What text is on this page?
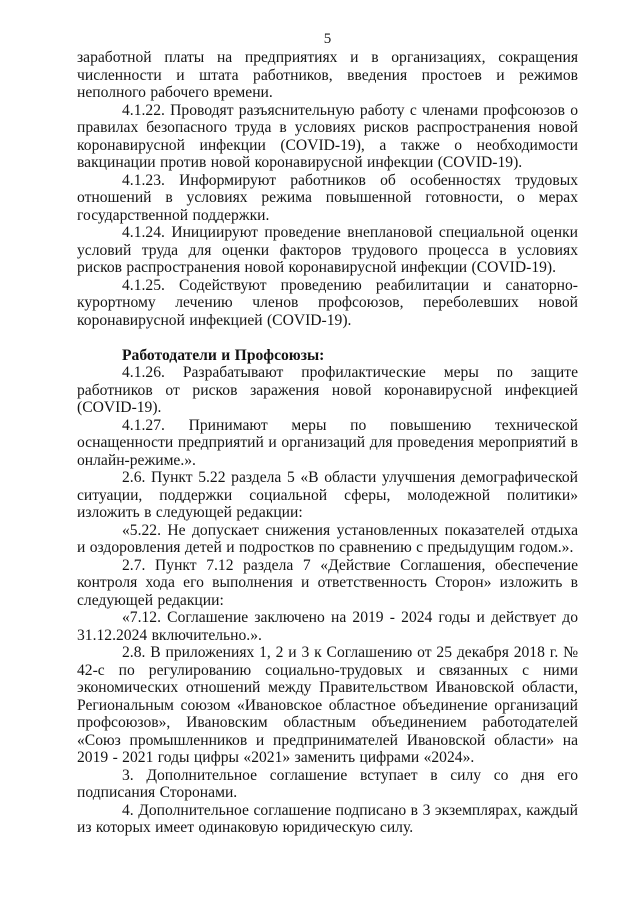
5

заработной платы на предприятиях и в организациях, сокращения численности и штата работников, введения простоев и режимов неполного рабочего времени.

4.1.22. Проводят разъяснительную работу с членами профсоюзов о правилах безопасного труда в условиях рисков распространения новой коронавирусной инфекции (COVID-19), а также о необходимости вакцинации против новой коронавирусной инфекции (COVID-19).

4.1.23. Информируют работников об особенностях трудовых отношений в условиях режима повышенной готовности, о мерах государственной поддержки.

4.1.24. Инициируют проведение внеплановой специальной оценки условий труда для оценки факторов трудового процесса в условиях рисков распространения новой коронавирусной инфекции (COVID-19).

4.1.25. Содействуют проведению реабилитации и санаторно-курортному лечению членов профсоюзов, переболевших новой коронавирусной инфекцией (COVID-19).

Работодатели и Профсоюзы:

4.1.26. Разрабатывают профилактические меры по защите работников от рисков заражения новой коронавирусной инфекцией (COVID-19).

4.1.27. Принимают меры по повышению технической оснащенности предприятий и организаций для проведения мероприятий в онлайн-режиме.».

2.6. Пункт 5.22 раздела 5 «В области улучшения демографической ситуации, поддержки социальной сферы, молодежной политики» изложить в следующей редакции:

«5.22. Не допускает снижения установленных показателей отдыха и оздоровления детей и подростков по сравнению с предыдущим годом.».

2.7. Пункт 7.12 раздела 7 «Действие Соглашения, обеспечение контроля хода его выполнения и ответственность Сторон» изложить в следующей редакции:

«7.12. Соглашение заключено на 2019 - 2024 годы и действует до 31.12.2024 включительно.».

2.8. В приложениях 1, 2 и 3 к Соглашению от 25 декабря 2018 г. № 42-с по регулированию социально-трудовых и связанных с ними экономических отношений между Правительством Ивановской области, Региональным союзом «Ивановское областное объединение организаций профсоюзов», Ивановским областным объединением работодателей «Союз промышленников и предпринимателей Ивановской области» на 2019 - 2021 годы цифры «2021» заменить цифрами «2024».

3. Дополнительное соглашение вступает в силу со дня его подписания Сторонами.

4. Дополнительное соглашение подписано в 3 экземплярах, каждый из которых имеет одинаковую юридическую силу.
